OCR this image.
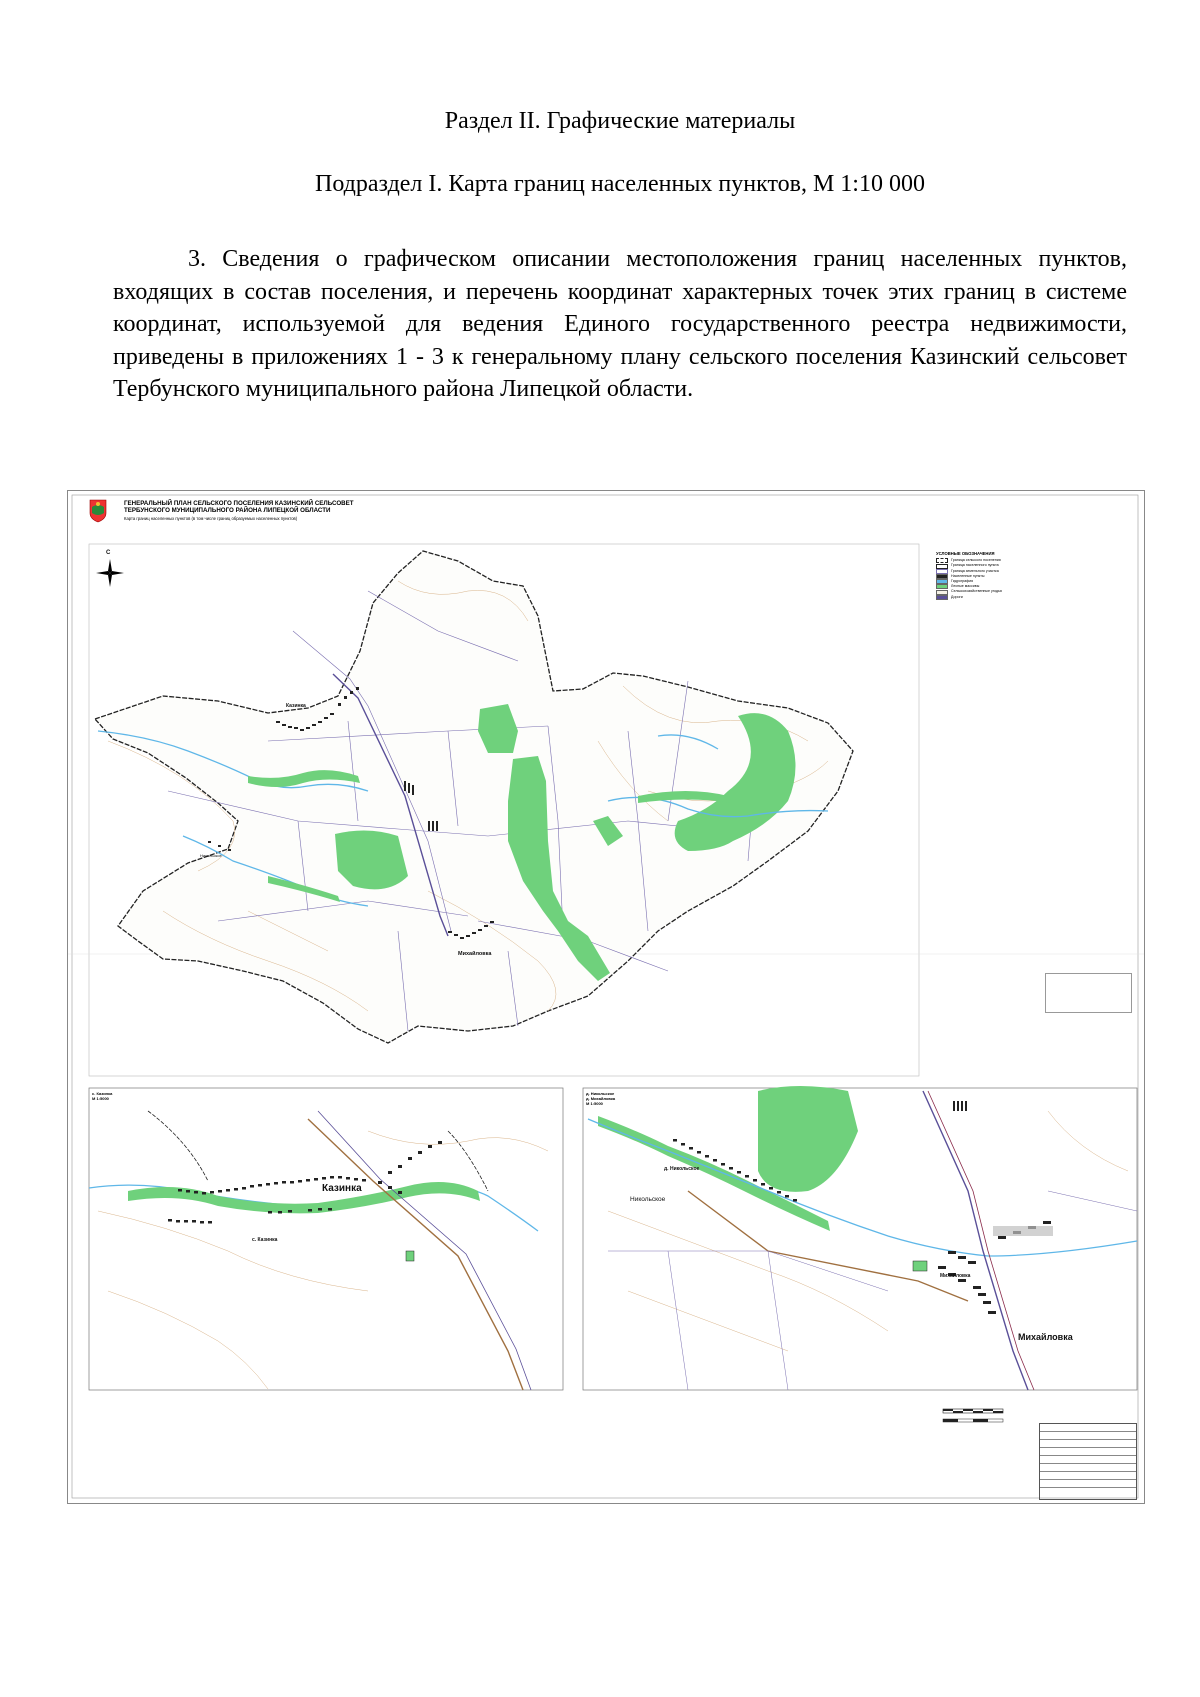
Раздел II. Графические материалы
Подраздел I. Карта границ населенных пунктов, М 1:10 000
3. Сведения о графическом описании местоположения границ населенных пунктов, входящих в состав поселения, и перечень координат характерных точек этих границ в системе координат, используемой для ведения Единого государственного реестра недвижимости, приведены в приложениях 1 - 3 к генеральному плану сельского поселения Казинский сельсовет Тербунского муниципального района Липецкой области.
ГЕНЕРАЛЬНЫЙ ПЛАН СЕЛЬСКОГО ПОСЕЛЕНИЯ КАЗИНСКИЙ СЕЛЬСОВЕТ
ТЕРБУНСКОГО МУНИЦИПАЛЬНОГО РАЙОНА ЛИПЕЦКОЙ ОБЛАСТИ
Карта границ населенных пунктов (в том числе границ образуемых населенных пунктов)
С	УСЛОВНЫЕ ОБОЗНАЧЕНИЯ
Граница сельского поселения
Граница населенного пункта
Граница земельного участка
Населенные пункты
Гидрография
Лесные массивы
Сельскохозяйственные угодья
Дороги
Казинка
Михайловка
Никольское
с. Казинка
М 1:5000
Казинка
с. Казинка
д. Никольское
д. Михайловка
М 1:5000
д. Никольское
Никольское
Михайловка
Михайловка
